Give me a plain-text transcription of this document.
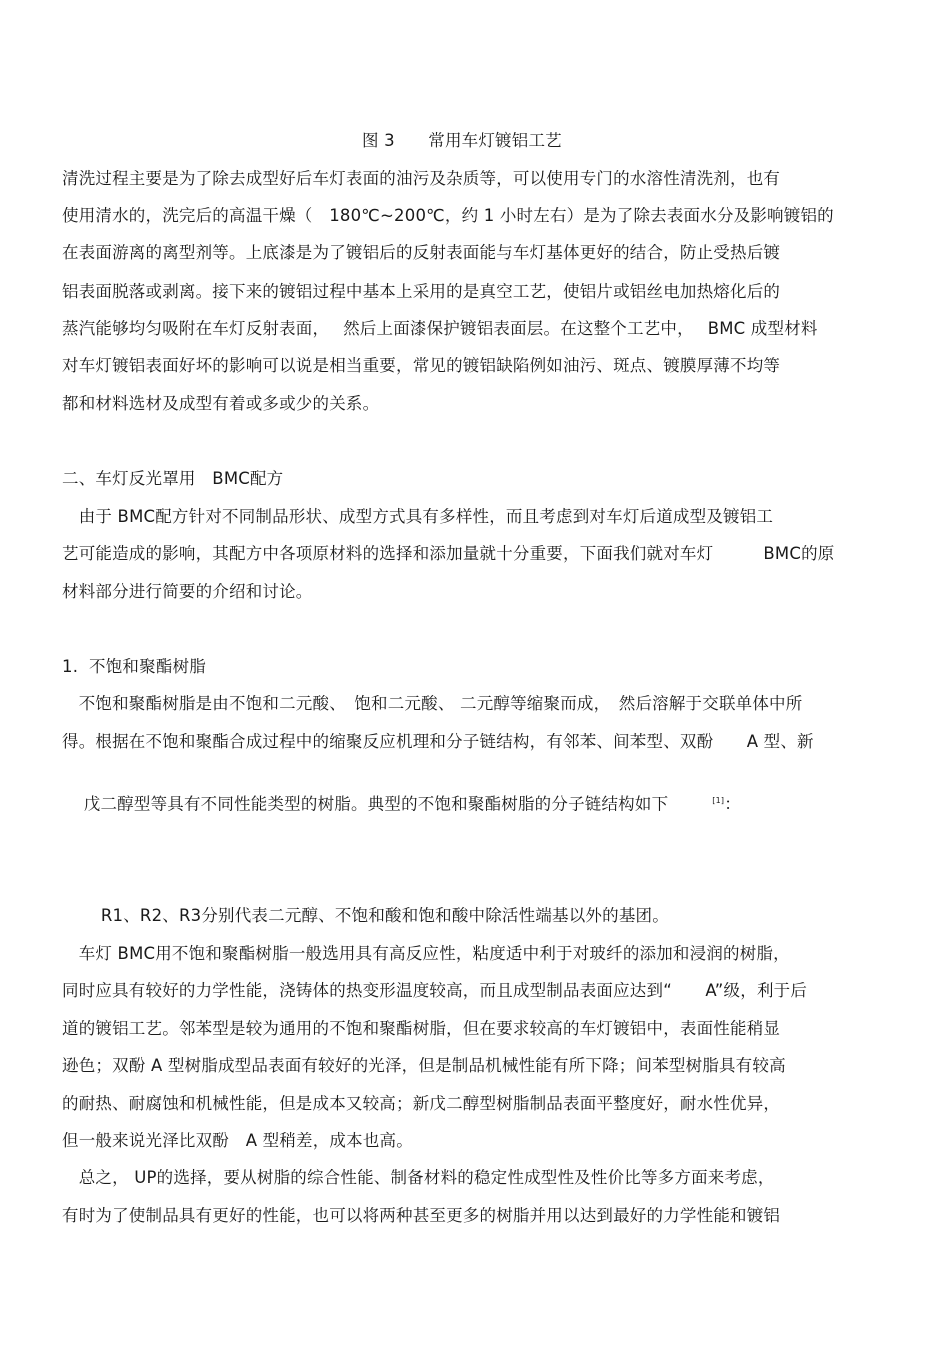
图 3　　常用车灯镀铝工艺
清洗过程主要是为了除去成型好后车灯表面的油污及杂质等，可以使用专门的水溶性清洗剂，也有
使用清水的，洗完后的高温干燥（　180℃~200℃，约 1 小时左右）是为了除去表面水分及影响镀铝的
在表面游离的离型剂等。上底漆是为了镀铝后的反射表面能与车灯基体更好的结合，防止受热后镀
铝表面脱落或剥离。接下来的镀铝过程中基本上采用的是真空工艺，使铝片或铝丝电加热熔化后的
蒸汽能够均匀吸附在车灯反射表面，　 然后上面漆保护镀铝表面层。在这整个工艺中，　 BMC 成型材料
对车灯镀铝表面好坏的影响可以说是相当重要，常见的镀铝缺陷例如油污、斑点、镀膜厚薄不均等
都和材料选材及成型有着或多或少的关系。
二、车灯反光罩用　BMC配方
　由于 BMC配方针对不同制品形状、成型方式具有多样性，而且考虑到对车灯后道成型及镀铝工
艺可能造成的影响，其配方中各项原材料的选择和添加量就十分重要，下面我们就对车灯　　　BMC的原
材料部分进行简要的介绍和讨论。
1.  不饱和聚酯树脂
　不饱和聚酯树脂是由不饱和二元酸、　饱和二元酸、 二元醇等缩聚而成，　然后溶解于交联单体中所
得。根据在不饱和聚酯合成过程中的缩聚反应机理和分子链结构，有邻苯、间苯型、双酚　　A 型、新

戊二醇型等具有不同性能类型的树脂。典型的不饱和聚酯树脂的分子链结构如下	[1]：

　　 R1、R2、R3分别代表二元醇、不饱和酸和饱和酸中除活性端基以外的基团。
　车灯 BMC用不饱和聚酯树脂一般选用具有高反应性，粘度适中利于对玻纤的添加和浸润的树脂，
同时应具有较好的力学性能，浇铸体的热变形温度较高，而且成型制品表面应达到“　　A”级，利于后
道的镀铝工艺。邻苯型是较为通用的不饱和聚酯树脂，但在要求较高的车灯镀铝中，表面性能稍显
逊色；双酚 A 型树脂成型品表面有较好的光泽，但是制品机械性能有所下降；间苯型树脂具有较高
的耐热、耐腐蚀和机械性能，但是成本又较高；新戊二醇型树脂制品表面平整度好，耐水性优异，
但一般来说光泽比双酚　A 型稍差，成本也高。
　总之， UP的选择，要从树脂的综合性能、制备材料的稳定性成型性及性价比等多方面来考虑，
有时为了使制品具有更好的性能，也可以将两种甚至更多的树脂并用以达到最好的力学性能和镀铝
